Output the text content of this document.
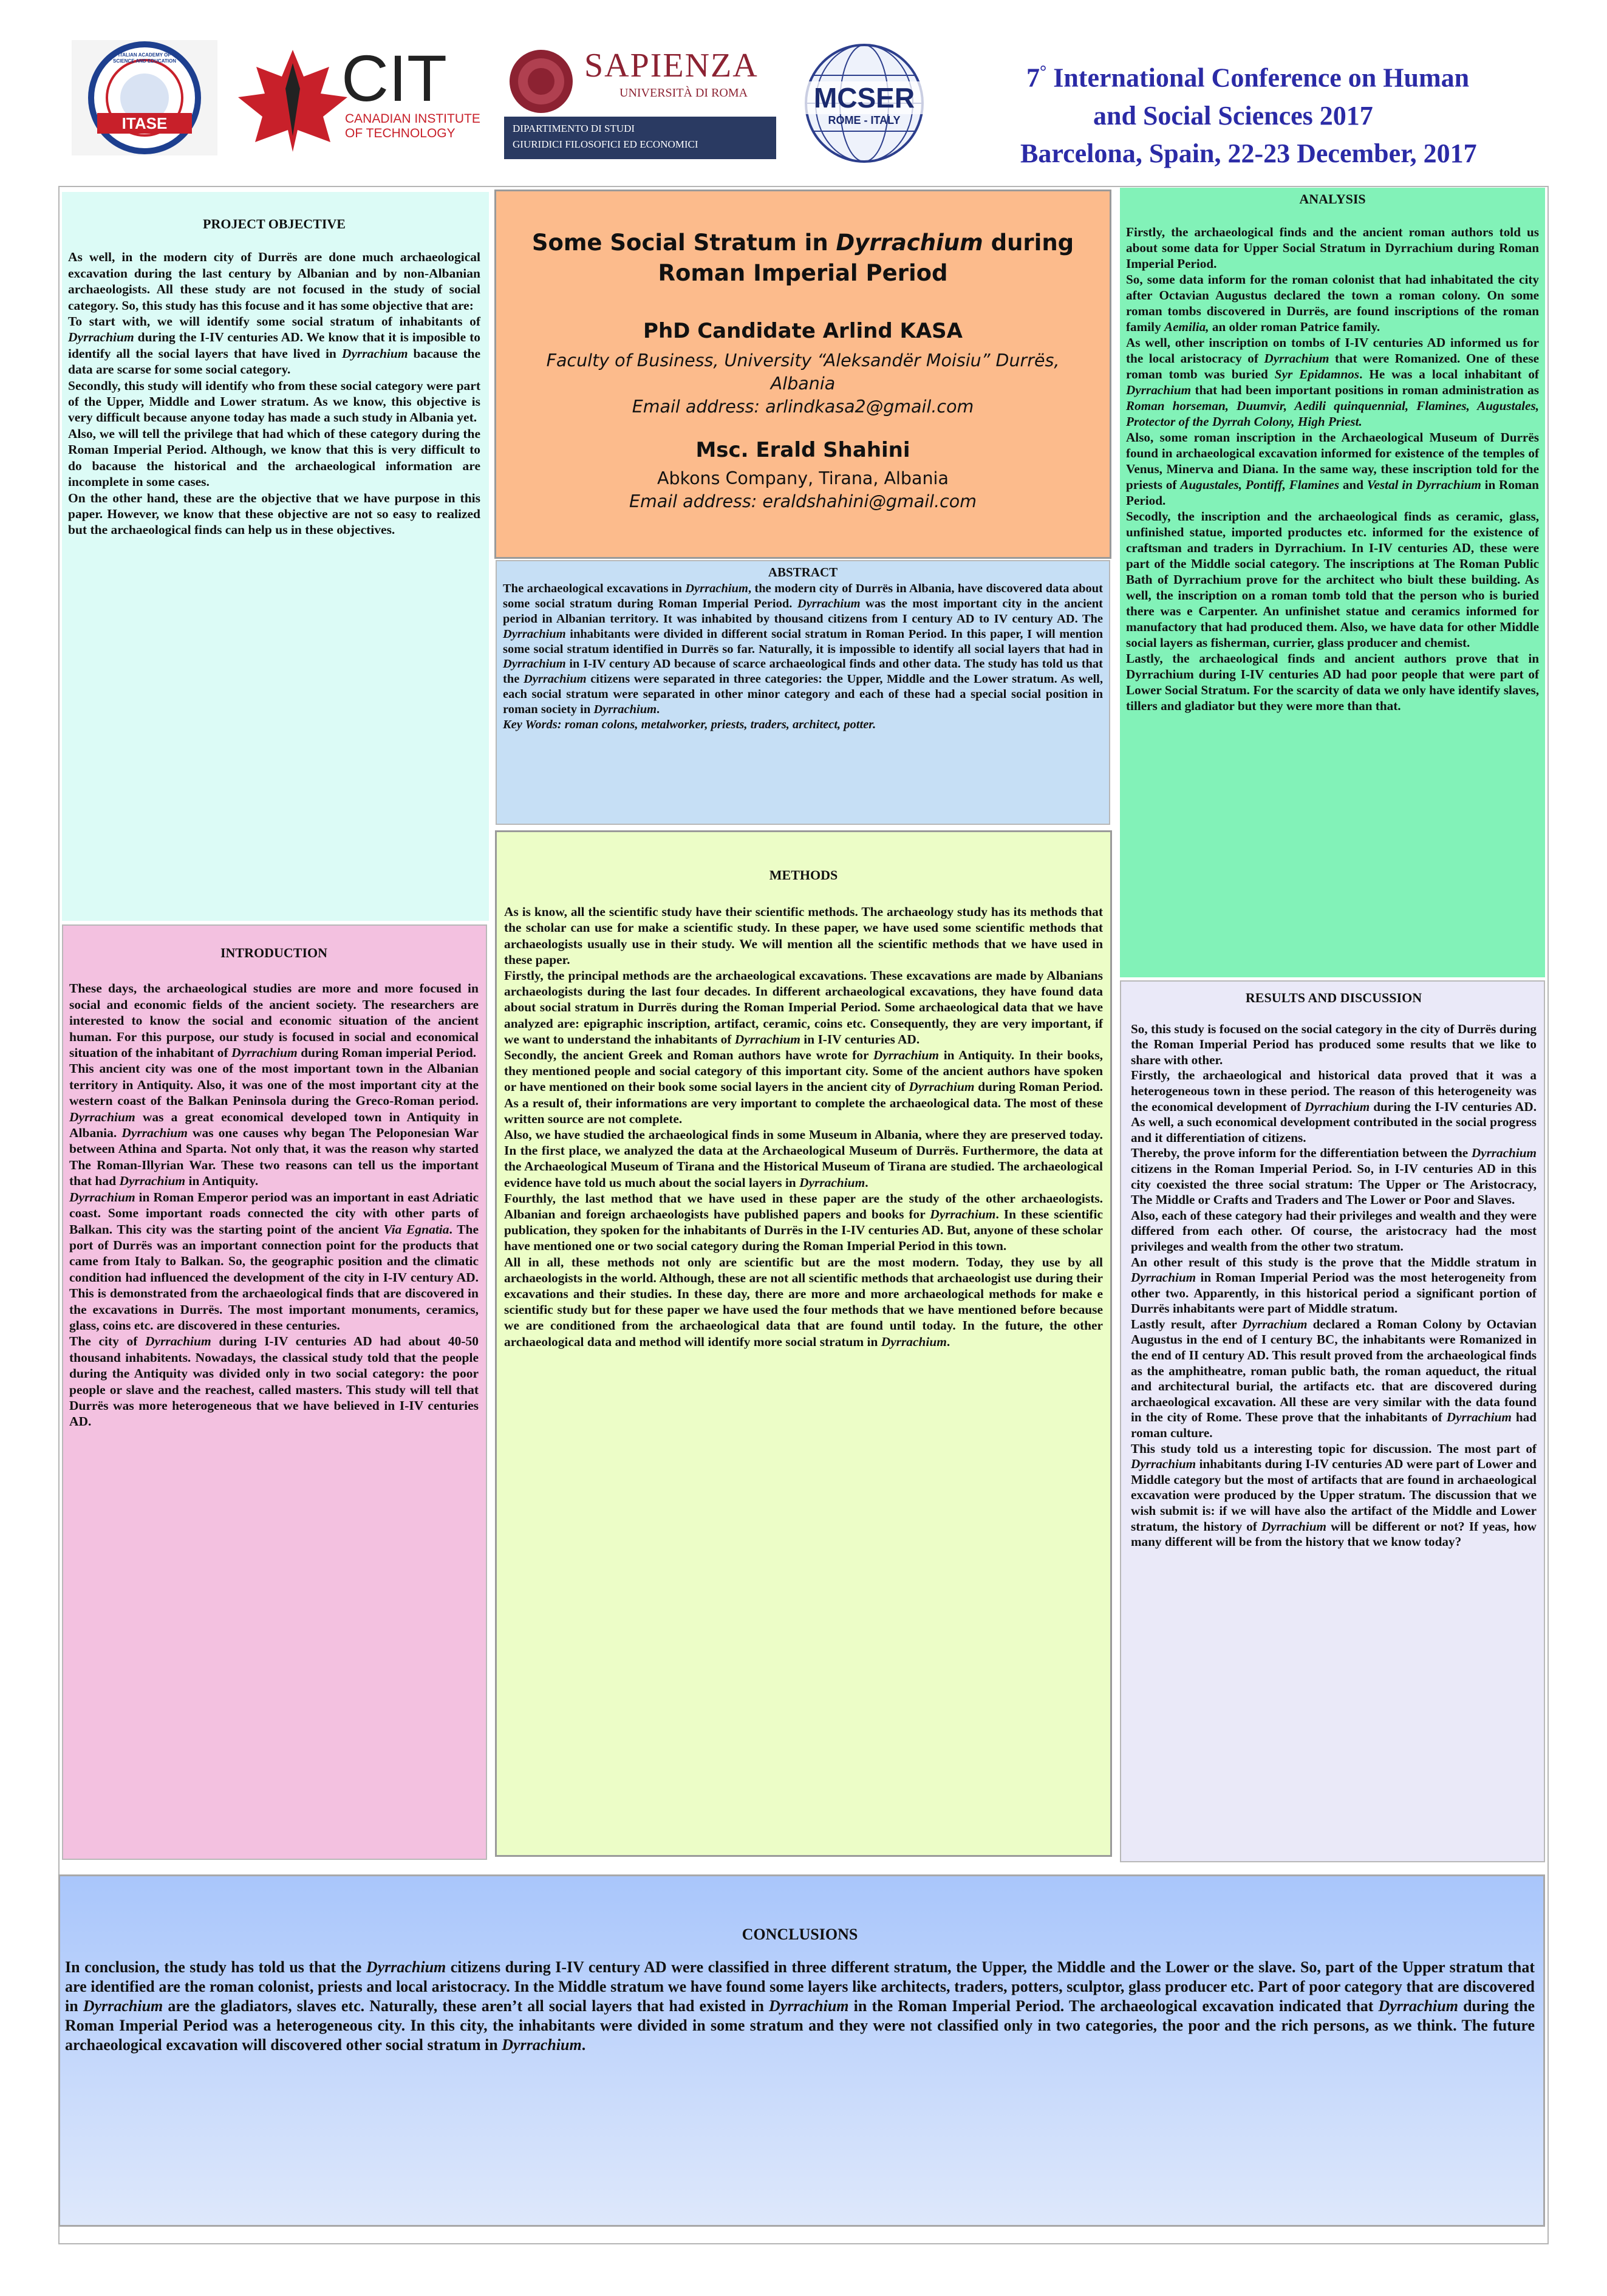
ITASE
ITALIAN ACADEMY OF SCIENCE AND EDUCATION	CIT
CANADIAN INSTITUTE
OF TECHNOLOGY
SAPIENZA
UNIVERSITÀ DI ROMA
DIPARTIMENTO DI STUDI
GIURIDICI FILOSOFICI ED ECONOMICI
MCSER
ROME - ITALY
7° International Conference on Human
and Social Sciences 2017
Barcelona, Spain, 22-23 December, 2017

PROJECT OBJECTIVE

As well, in the modern city of Durrës are done much archaeological excavation during the last century by Albanian and by non-Albanian archaeologists. All these study are not focused in the study of social category. So, this study has this focuse and it has some objective that are:

To start with, we will identify some social stratum of inhabitants of Dyrrachium during the I-IV centuries AD. We know that it is imposible to identify all the social layers that have lived in Dyrrachium bacause the data are scarse for some social category.

Secondly, this study will identify who from these social category were part of the Upper, Middle and Lower stratum. As we know, this objective is very difficult because anyone today has made a such study in Albania yet.

Also, we will tell the privilege that had which of these category during the Roman Imperial Period. Although, we know that this is very difficult to do bacause the historical and the archaeological information are incomplete in some cases.

On the other hand, these are the objective that we have purpose in this paper. However, we know that these objective are not so easy to realized but the archaeological finds can help us in these objectives.

INTRODUCTION

These days, the archaeological studies are more and more focused in social and economic fields of the ancient society. The researchers are interested to know the social and economic situation of the ancient human. For this purpose, our study is focused in social and economical situation of the inhabitant of Dyrrachium during Roman imperial Period.

This ancient city was one of the most important town in the Albanian territory in Antiquity. Also, it was one of the most important city at the western coast of the Balkan Peninsola during the Greco-Roman period. Dyrrachium was a great economical developed town in Antiquity in Albania. Dyrrachium was one causes why began The Peloponesian War between Athina and Sparta. Not only that, it was the reason why started The Roman-Illyrian War. These two reasons can tell us the important that had Dyrrachium in Antiquity.

Dyrrachium in Roman Emperor period was an important in east Adriatic coast. Some important roads connected the city with other parts of Balkan. This city was the starting point of the ancient Via Egnatia. The port of Durrës was an important connection point for the products that came from Italy to Balkan. So, the geographic position and the climatic condition had influenced the development of the city in I-IV century AD. This is demonstrated from the archaeological finds that are discovered in the excavations in Durrës. The most important monuments, ceramics, glass, coins etc. are discovered in these centuries.

The city of Dyrrachium during I-IV centuries AD had about 40-50 thousand inhabitents. Nowadays, the classical study told that the people during the Antiquity was divided only in two social category: the poor people or slave and the reachest, called masters. This study will tell that Durrës was more heterogeneous that we have believed in I-IV centuries AD.

Some Social Stratum in Dyrrachium during Roman Imperial Period
PhD Candidate Arlind KASA
Faculty of Business, University “Aleksandër Moisiu” Durrës, Albania
Email address: arlindkasa2@gmail.com
Msc. Erald Shahini
Abkons Company, Tirana, Albania
Email address: eraldshahini@gmail.com

ABSTRACT

The archaeological excavations in Dyrrachium, the modern city of Durrës in Albania, have discovered data about some social stratum during Roman Imperial Period. Dyrrachium was the most important city in the ancient period in Albanian territory. It was inhabited by thousand citizens from I century AD to IV century AD. The Dyrrachium inhabitants were divided in different social stratum in Roman Period. In this paper, I will mention some social stratum identified in Durrës so far. Naturally, it is impossible to identify all social layers that had in Dyrrachium in I-IV century AD because of scarce archaeological finds and other data. The study has told us that the Dyrrachium citizens were separated in three categories: the Upper, Middle and the Lower stratum. As well, each social stratum were separated in other minor category and each of these had a special social position in roman society in Dyrrachium.

Key Words: roman colons, metalworker, priests, traders, architect, potter.

METHODS

As is know, all the scientific study have their scientific methods. The archaeology study has its methods that the scholar can use for make a scientific study. In these paper, we have used some scientific methods that archaeologists usually use in their study. We will mention all the scientific methods that we have used in these paper.

Firstly, the principal methods are the archaeological excavations. These excavations are made by Albanians archaeologists during the last four decades. In different archaeological excavations, they have found data about social stratum in Durrës during the Roman Imperial Period. Some archaeological data that we have analyzed are: epigraphic inscription, artifact, ceramic, coins etc. Consequently, they are very important, if we want to understand the inhabitants of Dyrrachium in I-IV centuries AD.

Secondly, the ancient Greek and Roman authors have wrote for Dyrrachium in Antiquity. In their books, they mentioned people and social category of this important city. Some of the ancient authors have spoken or have mentioned on their book some social layers in the ancient city of Dyrrachium during Roman Period. As a result of, their informations are very important to complete the archaeological data. The most of these written source are not complete.

Also, we have studied the archaeological finds in some Museum in Albania, where they are preserved today. In the first place, we analyzed the data at the Archaeological Museum of Durrës. Furthermore, the data at the Archaeological Museum of Tirana and the Historical Museum of Tirana are studied. The archaeological evidence have told us much about the social layers in Dyrrachium.

Fourthly, the last method that we have used in these paper are the study of the other archaeologists. Albanian and foreign archaeologists have published papers and books for Dyrrachium. In these scientific publication, they spoken for the inhabitants of Durrës in the I-IV centuries AD. But, anyone of these scholar have mentioned one or two social category during the Roman Imperial Period in this town.

All in all, these methods not only are scientific but are the most modern. Today, they use by all archaeologists in the world. Although, these are not all scientific methods that archaeologist use during their excavations and their studies. In these day, there are more and more archaeological methods for make e scientific study but for these paper we have used the four methods that we have mentioned before because we are conditioned from the archaeological data that are found until today. In the future, the other archaeological data and method will identify more social stratum in Dyrrachium.

ANALYSIS

Firstly, the archaeological finds and the ancient roman authors told us about some data for Upper Social Stratum in Dyrrachium during Roman Imperial Period.

So, some data inform for the roman colonist that had inhabitated the city after Octavian Augustus declared the town a roman colony. On some roman tombs discovered in Durrës, are found inscriptions of the roman family Aemilia, an older roman Patrice family.

As well, other inscription on tombs of I-IV centuries AD informed us for the local aristocracy of Dyrrachium that were Romanized. One of these roman tomb was buried Syr Epidamnos. He was a local inhabitant of Dyrrachium that had been important positions in roman administration as Roman horseman, Duumvir, Aedili quinquennial, Flamines, Augustales, Protector of the Dyrrah Colony, High Priest.

Also, some roman inscription in the Archaeological Museum of Durrës found in archaeological excavation informed for existence of the temples of Venus, Minerva and Diana. In the same way, these inscription told for the priests of Augustales, Pontiff, Flamines and Vestal in Dyrrachium in Roman Period.

Secodly, the inscription and the archaeological finds as ceramic, glass, unfinished statue, imported productes etc. informed for the existence of craftsman and traders in Dyrrachium. In I-IV centuries AD, these were part of the Middle social category. The inscriptions at The Roman Public Bath of Dyrrachium prove for the architect who biult these building. As well, the inscription on a roman tomb told that the person who is buried there was e Carpenter. An unfinishet statue and ceramics informed for manufactory that had produced them. Also, we have data for other Middle social layers as fisherman, currier, glass producer and chemist.

Lastly, the archaeological finds and ancient authors prove that in Dyrrachium during I-IV centuries AD had poor people that were part of Lower Social Stratum. For the scarcity of data we only have identify slaves, tillers and gladiator but they were more than that.

RESULTS AND DISCUSSION

So, this study is focused on the social category in the city of Durrës during the Roman Imperial Period has produced some results that we like to share with other.

Firstly, the archaeological and historical data proved that it was a heterogeneous town in these period. The reason of this heterogeneity was the economical development of Dyrrachium during the I-IV centuries AD. As well, a such economical development contributed in the social progress and it differentiation of citizens.

Thereby, the prove inform for the differentiation between the Dyrrachium citizens in the Roman Imperial Period. So, in I-IV centuries AD in this city coexisted the three social stratum: The Upper or The Aristocracy, The Middle or Crafts and Traders and The Lower or Poor and Slaves.

Also, each of these category had their privileges and wealth and they were differed from each other. Of course, the aristocracy had the most privileges and wealth from the other two stratum.

An other result of this study is the prove that the Middle stratum in Dyrrachium in Roman Imperial Period was the most heterogeneity from other two. Apparently, in this historical period a significant portion of Durrës inhabitants were part of Middle stratum.

Lastly result, after Dyrrachium declared a Roman Colony by Octavian Augustus in the end of I century BC, the inhabitants were Romanized in the end of II century AD. This result proved from the archaeological finds as the amphitheatre, roman public bath, the roman aqueduct, the ritual and architectural burial, the artifacts etc. that are discovered during archaeological excavation. All these are very similar with the data found in the city of Rome. These prove that the inhabitants of Dyrrachium had roman culture.

This study told us a interesting topic for discussion. The most part of Dyrrachium inhabitants during I-IV centuries AD were part of Lower and Middle category but the most of artifacts that are found in archaeological excavation were produced by the Upper stratum. The discussion that we wish submit is: if we will have also the artifact of the Middle and Lower stratum, the history of Dyrrachium will be different or not? If yeas, how many different will be from the history that we know today?

CONCLUSIONS

In conclusion, the study has told us that the Dyrrachium citizens during I-IV century AD were classified in three different stratum, the Upper, the Middle and the Lower or the slave. So, part of the Upper stratum that are identified are the roman colonist, priests and local aristocracy. In the Middle stratum we have found some layers like architects, traders, potters, sculptor, glass producer etc. Part of poor category that are discovered in Dyrrachium are the gladiators, slaves etc. Naturally, these aren’t all social layers that had existed in Dyrrachium in the Roman Imperial Period. The archaeological excavation indicated that Dyrrachium during the Roman Imperial Period was a heterogeneous city. In this city, the inhabitants were divided in some stratum and they were not classified only in two categories, the poor and the rich persons, as we think. The future archaeological excavation will discovered other social stratum in Dyrrachium.
